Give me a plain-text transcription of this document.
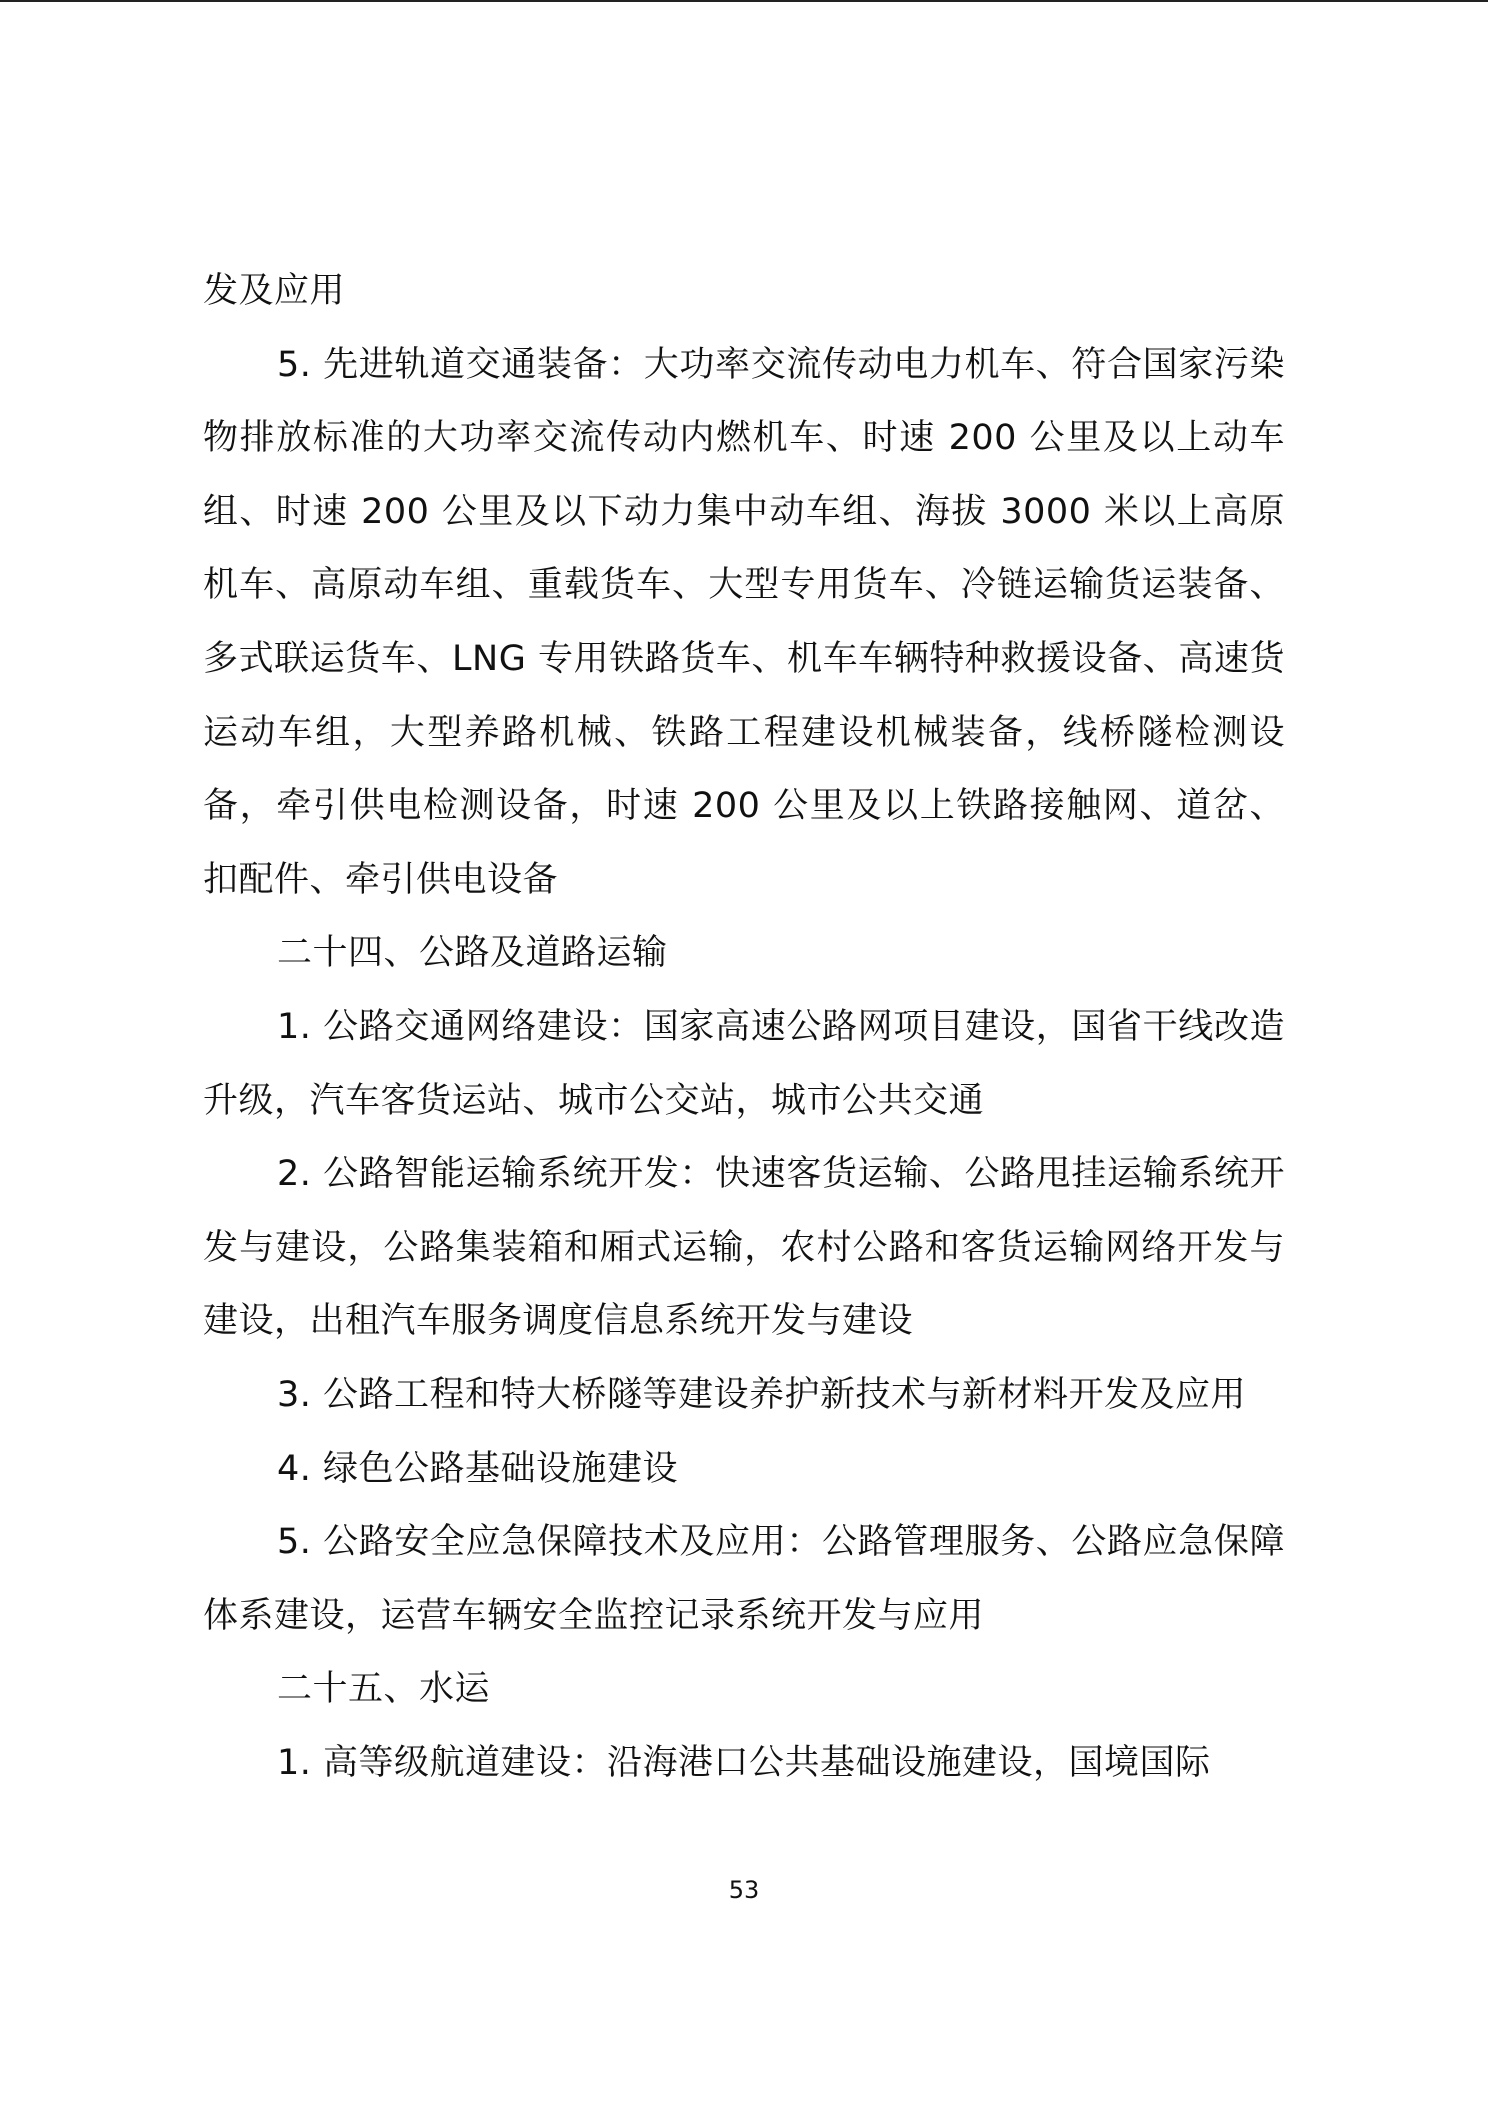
发及应用

5. 先进轨道交通装备：大功率交流传动电力机车、符合国家污染物排放标准的大功率交流传动内燃机车、时速 200 公里及以上动车组、时速 200 公里及以下动力集中动车组、海拔 3000 米以上高原机车、高原动车组、重载货车、大型专用货车、冷链运输货运装备、多式联运货车、LNG 专用铁路货车、机车车辆特种救援设备、高速货运动车组，大型养路机械、铁路工程建设机械装备，线桥隧检测设备，牵引供电检测设备，时速 200 公里及以上铁路接触网、道岔、扣配件、牵引供电设备

二十四、公路及道路运输

1. 公路交通网络建设：国家高速公路网项目建设，国省干线改造升级，汽车客货运站、城市公交站，城市公共交通

2. 公路智能运输系统开发：快速客货运输、公路甩挂运输系统开发与建设，公路集装箱和厢式运输，农村公路和客货运输网络开发与建设，出租汽车服务调度信息系统开发与建设

3. 公路工程和特大桥隧等建设养护新技术与新材料开发及应用

4. 绿色公路基础设施建设

5. 公路安全应急保障技术及应用：公路管理服务、公路应急保障体系建设，运营车辆安全监控记录系统开发与应用

二十五、水运

1. 高等级航道建设：沿海港口公共基础设施建设，国境国际

53
